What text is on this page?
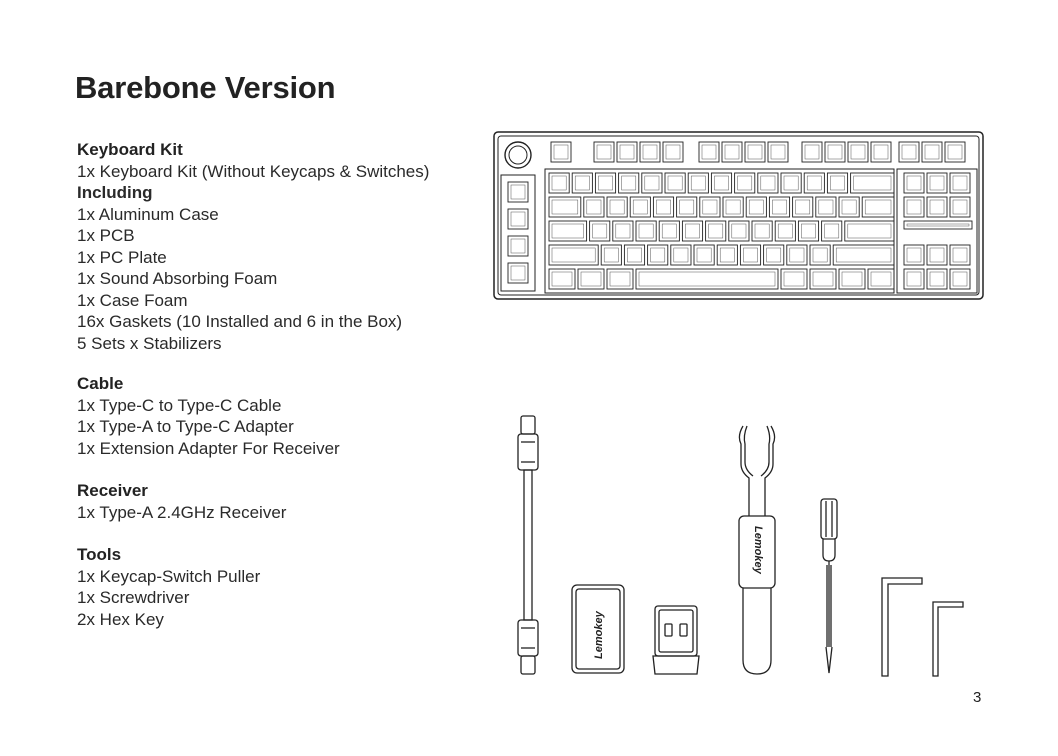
Barebone Version
Keyboard Kit
1x Keyboard Kit (Without Keycaps & Switches)
Including
1x Aluminum Case
1x PCB
1x PC Plate
1x Sound Absorbing Foam
1x Case Foam
16x Gaskets (10 Installed and 6 in the Box)
5 Sets x Stabilizers
Cable
1x Type-C to Type-C Cable
1x Type-A to Type-C Adapter
1x Extension Adapter For Receiver
Receiver
1x Type-A 2.4GHz Receiver
Tools
1x Keycap-Switch Puller
1x Screwdriver
2x Hex Key	Lemokey
Lemokey
3
